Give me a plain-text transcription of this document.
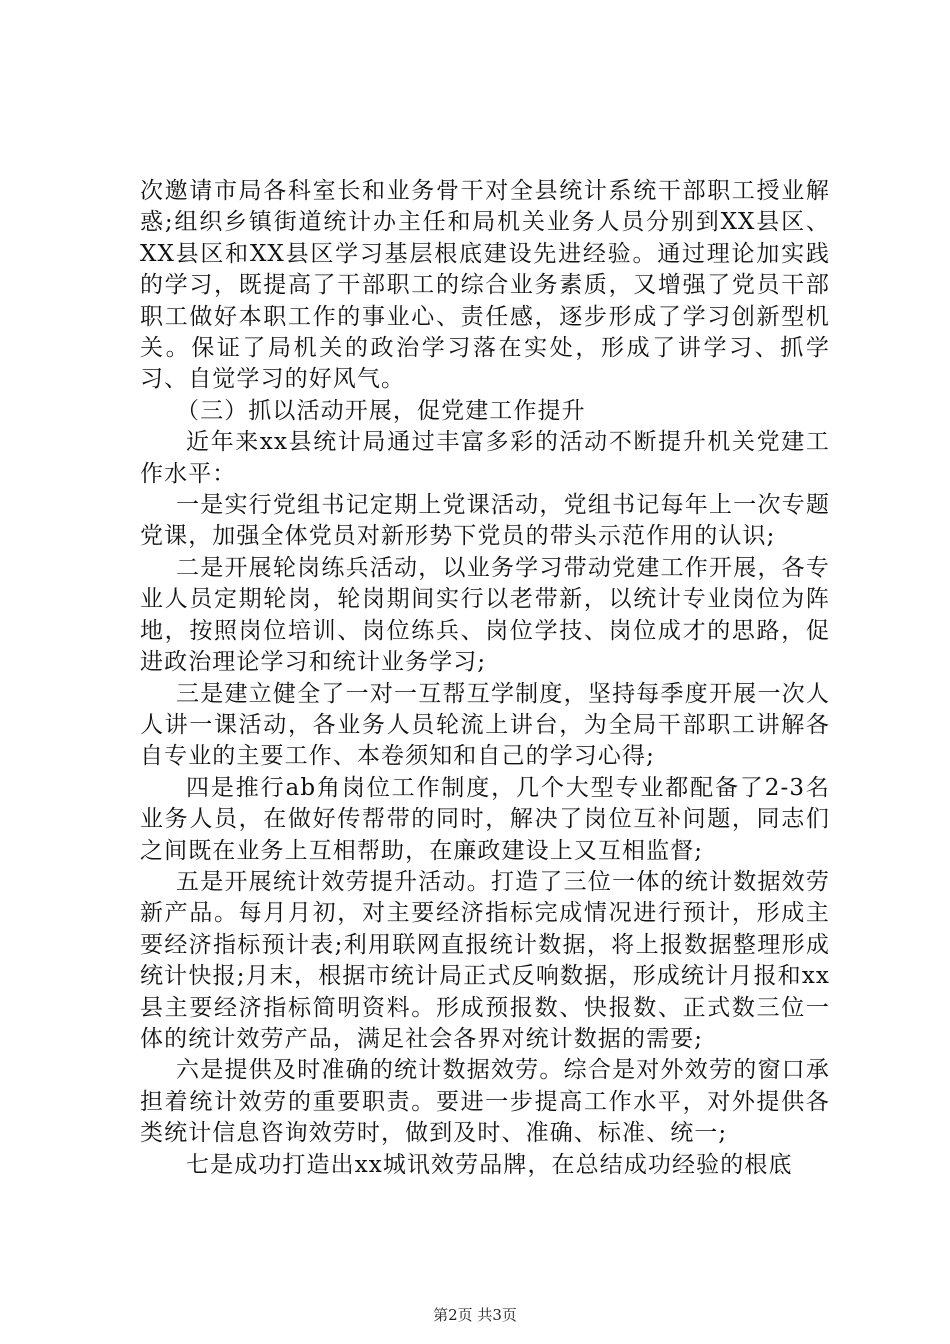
次邀请市局各科室长和业务骨干对全县统计系统干部职工授业解惑;组织乡镇街道统计办主任和局机关业务人员分别到XX县区、XX县区和XX县区学习基层根底建设先进经验。通过理论加实践的学习，既提高了干部职工的综合业务素质，又增强了党员干部职工做好本职工作的事业心、责任感，逐步形成了学习创新型机关。保证了局机关的政治学习落在实处，形成了讲学习、抓学习、自觉学习的好风气。

（三）抓以活动开展，促党建工作提升

近年来xx县统计局通过丰富多彩的活动不断提升机关党建工作水平：

一是实行党组书记定期上党课活动，党组书记每年上一次专题党课，加强全体党员对新形势下党员的带头示范作用的认识;

二是开展轮岗练兵活动，以业务学习带动党建工作开展，各专业人员定期轮岗，轮岗期间实行以老带新，以统计专业岗位为阵地，按照岗位培训、岗位练兵、岗位学技、岗位成才的思路，促进政治理论学习和统计业务学习;

三是建立健全了一对一互帮互学制度，坚持每季度开展一次人人讲一课活动，各业务人员轮流上讲台，为全局干部职工讲解各自专业的主要工作、本卷须知和自己的学习心得;

四是推行ab角岗位工作制度，几个大型专业都配备了2-3名业务人员，在做好传帮带的同时，解决了岗位互补问题，同志们之间既在业务上互相帮助，在廉政建设上又互相监督;

五是开展统计效劳提升活动。打造了三位一体的统计数据效劳新产品。每月月初，对主要经济指标完成情况进行预计，形成主要经济指标预计表;利用联网直报统计数据，将上报数据整理形成统计快报;月末，根据市统计局正式反响数据，形成统计月报和xx县主要经济指标简明资料。形成预报数、快报数、正式数三位一体的统计效劳产品，满足社会各界对统计数据的需要;

六是提供及时准确的统计数据效劳。综合是对外效劳的窗口承担着统计效劳的重要职责。要进一步提高工作水平，对外提供各类统计信息咨询效劳时，做到及时、准确、标准、统一;

七是成功打造出xx城讯效劳品牌，在总结成功经验的根底

第2页 共3页
